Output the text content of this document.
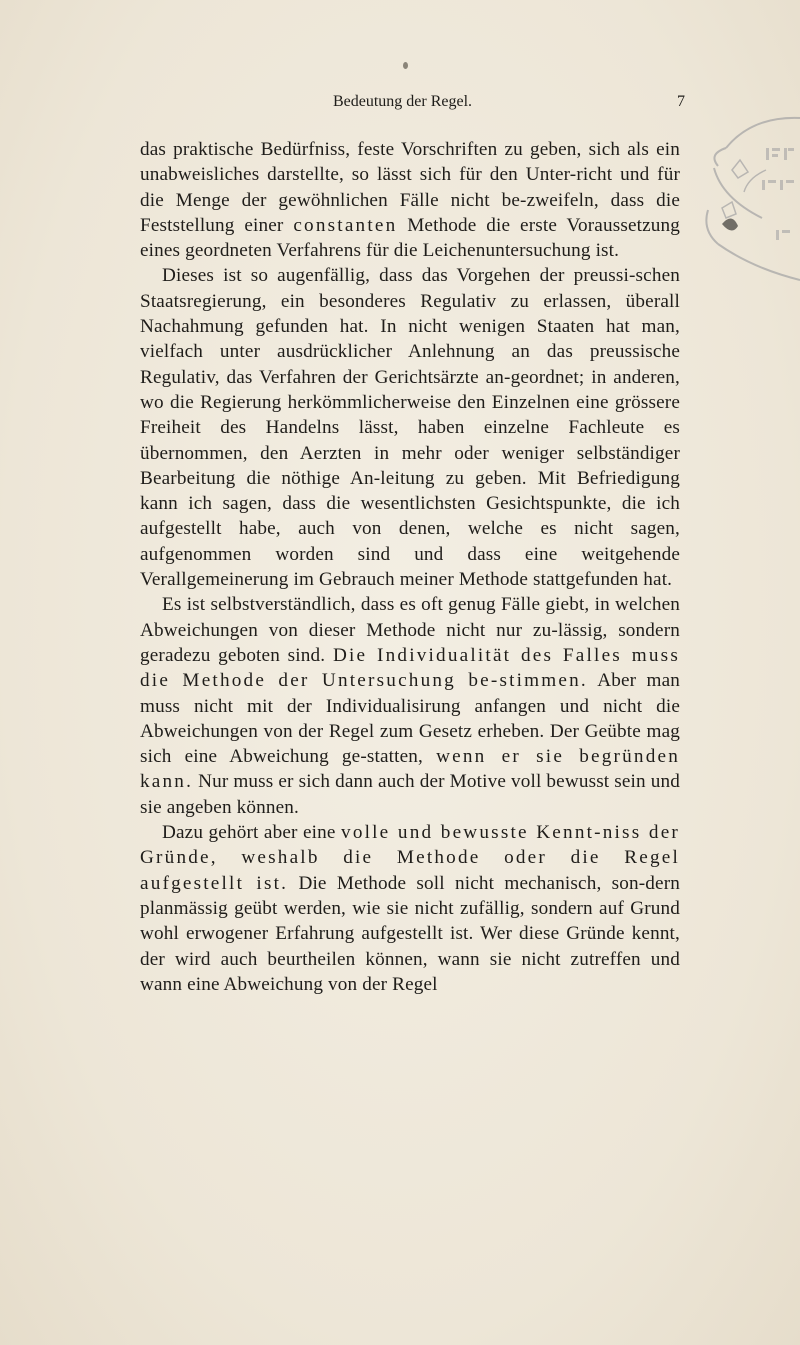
Bedeutung der Regel.	7

das praktische Bedürfniss, feste Vorschriften zu geben, sich als ein unabweisliches darstellte, so lässt sich für den Unter-richt und für die Menge der gewöhnlichen Fälle nicht be-zweifeln, dass die Feststellung einer constanten Methode die erste Voraussetzung eines geordneten Verfahrens für die Leichenuntersuchung ist.

Dieses ist so augenfällig, dass das Vorgehen der preussi-schen Staatsregierung, ein besonderes Regulativ zu erlassen, überall Nachahmung gefunden hat. In nicht wenigen Staaten hat man, vielfach unter ausdrücklicher Anlehnung an das preussische Regulativ, das Verfahren der Gerichtsärzte an-geordnet; in anderen, wo die Regierung herkömmlicherweise den Einzelnen eine grössere Freiheit des Handelns lässt, haben einzelne Fachleute es übernommen, den Aerzten in mehr oder weniger selbständiger Bearbeitung die nöthige An-leitung zu geben. Mit Befriedigung kann ich sagen, dass die wesentlichsten Gesichtspunkte, die ich aufgestellt habe, auch von denen, welche es nicht sagen, aufgenommen worden sind und dass eine weitgehende Verallgemeinerung im Gebrauch meiner Methode stattgefunden hat.

Es ist selbstverständlich, dass es oft genug Fälle giebt, in welchen Abweichungen von dieser Methode nicht nur zu-lässig, sondern geradezu geboten sind. Die Individualität des Falles muss die Methode der Untersuchung be-stimmen. Aber man muss nicht mit der Individualisirung anfangen und nicht die Abweichungen von der Regel zum Gesetz erheben. Der Geübte mag sich eine Abweichung ge-statten, wenn er sie begründen kann. Nur muss er sich dann auch der Motive voll bewusst sein und sie angeben können.

Dazu gehört aber eine volle und bewusste Kennt-niss der Gründe, weshalb die Methode oder die Regel aufgestellt ist. Die Methode soll nicht mechanisch, son-dern planmässig geübt werden, wie sie nicht zufällig, sondern auf Grund wohl erwogener Erfahrung aufgestellt ist. Wer diese Gründe kennt, der wird auch beurtheilen können, wann sie nicht zutreffen und wann eine Abweichung von der Regel
